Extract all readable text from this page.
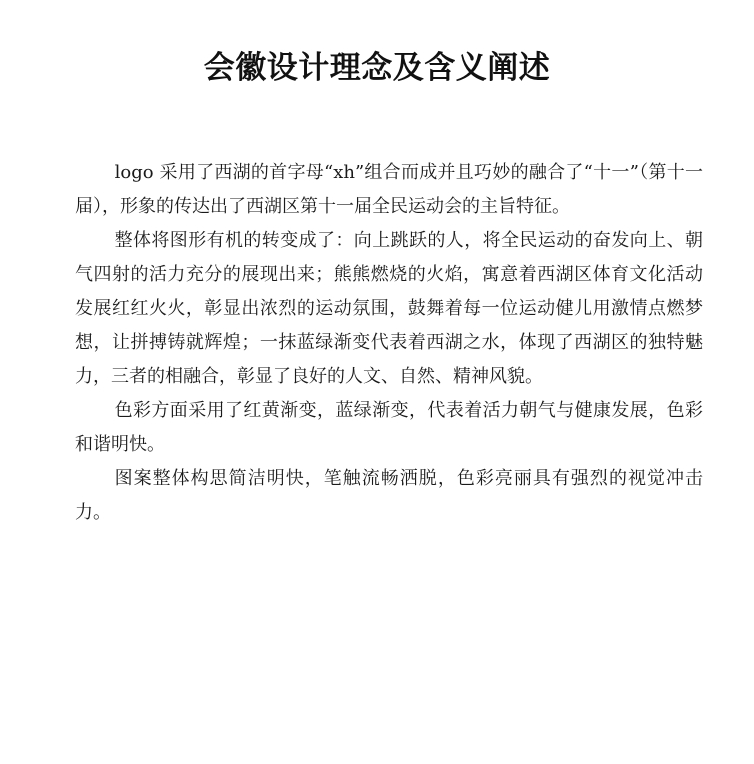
会徽设计理念及含义阐述

logo 采用了西湖的首字母“xh”组合而成并且巧妙的融合了“十一”（第十一届），形象的传达出了西湖区第十一届全民运动会的主旨特征。

整体将图形有机的转变成了：向上跳跃的人，将全民运动的奋发向上、朝气四射的活力充分的展现出来；熊熊燃烧的火焰，寓意着西湖区体育文化活动发展红红火火，彰显出浓烈的运动氛围，鼓舞着每一位运动健儿用激情点燃梦想，让拼搏铸就辉煌；一抹蓝绿渐变代表着西湖之水，体现了西湖区的独特魅力，三者的相融合，彰显了良好的人文、自然、精神风貌。

色彩方面采用了红黄渐变，蓝绿渐变，代表着活力朝气与健康发展，色彩和谐明快。

图案整体构思简洁明快，笔触流畅洒脱，色彩亮丽具有强烈的视觉冲击力。
